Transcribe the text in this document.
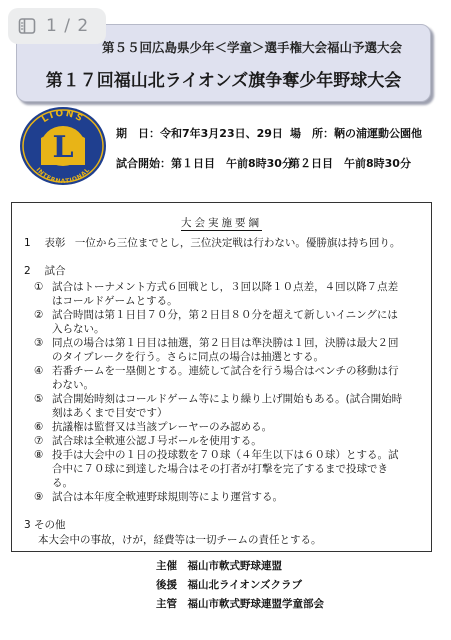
1 / 2
第５５回広島県少年＜学童＞選手権大会福山予選大会
第１７回福山北ライオンズ旗争奪少年野球大会
L
LIONS
INTERNATIONAL
期　日：令和7年3月23日、29日 場　所：鞆の浦運動公園他
試合開始：第１日目　午前8時30分
第２日目　午前8時30分
大会実施要綱
1　 表彰 一位から三位までとし，三位決定戦は行わない。優勝旗は持ち回り。
2　 試合
① 試合はトーナメント方式６回戦とし，３回以降１０点差，４回以降７点差
はコールドゲームとする。
② 試合時間は第１日目７０分，第２日目８０分を超えて新しいイニングには
入らない。
③ 同点の場合は第１日目は抽選，第２日目は準決勝は１回，決勝は最大２回
のタイブレークを行う。さらに同点の場合は抽選とする。
④ 若番チームを一塁側とする。連続して試合を行う場合はベンチの移動は行
わない。
⑤ 試合開始時刻はコールドゲーム等により繰り上げ開始もある。(試合開始時
刻はあくまで目安です）
⑥ 抗議権は監督又は当該プレーヤーのみ認める。
⑦ 試合球は全軟連公認Ｊ号ボールを使用する。
⑧ 投手は大会中の１日の投球数を７０球（４年生以下は６０球）とする。試
合中に７０球に到達した場合はその打者が打撃を完了するまで投球でき
る。
⑨ 試合は本年度全軟連野球規則等により運営する。
3 その他
本大会中の事故，けが，経費等は一切チームの責任とする。
主催　福山市軟式野球連盟
後援　福山北ライオンズクラブ
主管　福山市軟式野球連盟学童部会
